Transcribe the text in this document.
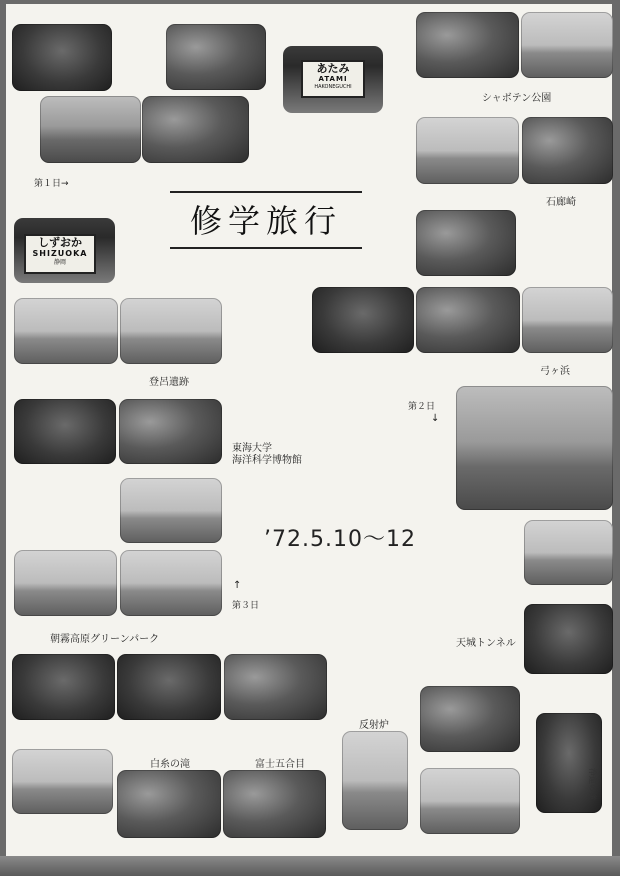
あたみ
ATAMI
HAKONEGUCHI
第１日→
修学旅行
シャボテン公園
石廊崎
弓ヶ浜
しずおか
SHIZUOKA
静岡
登呂遺跡
第２日
↓
東海大学
海洋科学博物館
’72.5.10～12
↑
第３日
朝霧高原グリーンパーク	天城トンネル
反射炉
浄蓮の滝
白糸の滝	富士五合目
